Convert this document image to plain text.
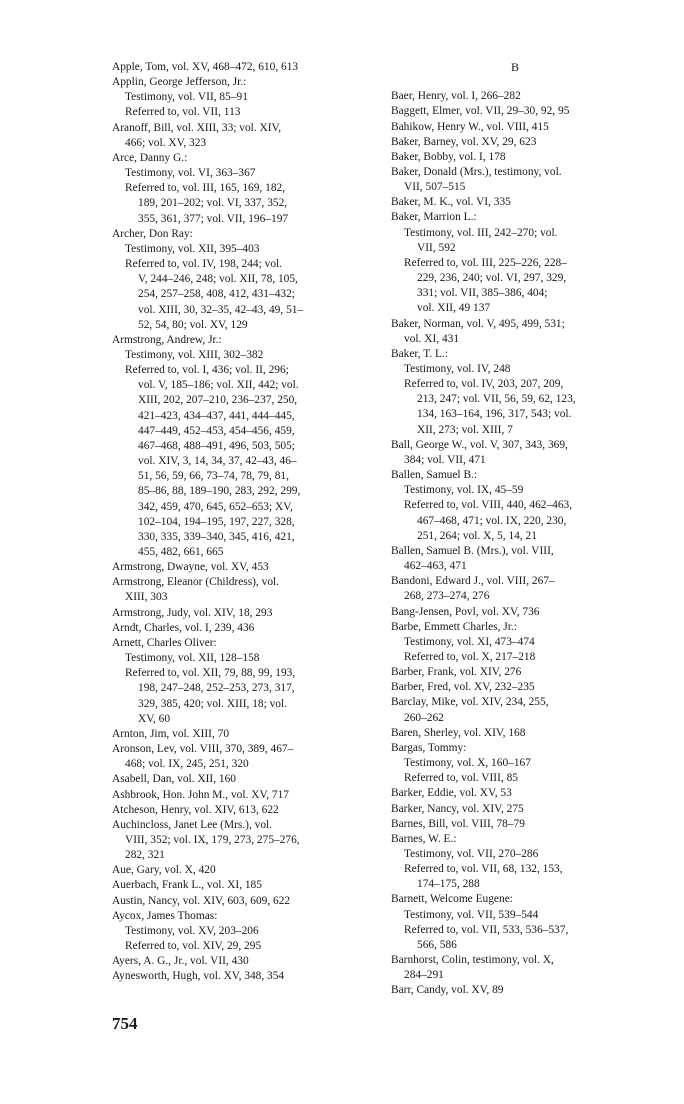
Apple, Tom, vol. XV, 468–472, 610, 613
Applin, George Jefferson, Jr.:
Testimony, vol. VII, 85–91
Referred to, vol. VII, 113
Aranoff, Bill, vol. XIII, 33; vol. XIV,
466; vol. XV, 323
Arce, Danny G.:
Testimony, vol. VI, 363–367
Referred to, vol. III, 165, 169, 182,
189, 201–202; vol. VI, 337, 352,
355, 361, 377; vol. VII, 196–197
Archer, Don Ray:
Testimony, vol. XII, 395–403
Referred to, vol. IV, 198, 244; vol.
V, 244–246, 248; vol. XII, 78, 105,
254, 257–258, 408, 412, 431–432;
vol. XIII, 30, 32–35, 42–43, 49, 51–
52, 54, 80; vol. XV, 129
Armstrong, Andrew, Jr.:
Testimony, vol. XIII, 302–382
Referred to, vol. I, 436; vol. II, 296;
vol. V, 185–186; vol. XII, 442; vol.
XIII, 202, 207–210, 236–237, 250,
421–423, 434–437, 441, 444–445,
447–449, 452–453, 454–456, 459,
467–468, 488–491, 496, 503, 505;
vol. XIV, 3, 14, 34, 37, 42–43, 46–
51, 56, 59, 66, 73–74, 78, 79, 81,
85–86, 88, 189–190, 283, 292, 299,
342, 459, 470, 645, 652–653; XV,
102–104, 194–195, 197, 227, 328,
330, 335, 339–340, 345, 416, 421,
455, 482, 661, 665
Armstrong, Dwayne, vol. XV, 453
Armstrong, Eleanor (Childress), vol.
XIII, 303
Armstrong, Judy, vol. XIV, 18, 293
Arndt, Charles, vol. I, 239, 436
Arnett, Charles Oliver:
Testimony, vol. XII, 128–158
Referred to, vol. XII, 79, 88, 99, 193,
198, 247–248, 252–253, 273, 317,
329, 385, 420; vol. XIII, 18; vol.
XV, 60
Arnton, Jim, vol. XIII, 70
Aronson, Lev, vol. VIII, 370, 389, 467–
468; vol. IX, 245, 251, 320
Asabell, Dan, vol. XII, 160
Ashbrook, Hon. John M., vol. XV, 717
Atcheson, Henry, vol. XIV, 613, 622
Auchincloss, Janet Lee (Mrs.), vol.
VIII, 352; vol. IX, 179, 273, 275–276,
282, 321
Aue, Gary, vol. X, 420
Auerbach, Frank L., vol. XI, 185
Austin, Nancy, vol. XIV, 603, 609, 622
Aycox, James Thomas:
Testimony, vol. XV, 203–206
Referred to, vol. XIV, 29, 295
Ayers, A. G., Jr., vol. VII, 430
Aynesworth, Hugh, vol. XV, 348, 354
B
Baer, Henry, vol. I, 266–282
Baggett, Elmer, vol. VII, 29–30, 92, 95
Bahikow, Henry W., vol. VIII, 415
Baker, Barney, vol. XV, 29, 623
Baker, Bobby, vol. I, 178
Baker, Donald (Mrs.), testimony, vol.
VII, 507–515
Baker, M. K., vol. VI, 335
Baker, Marrion L.:
Testimony, vol. III, 242–270; vol.
VII, 592
Referred to, vol. III, 225–226, 228–
229, 236, 240; vol. VI, 297, 329,
331; vol. VII, 385–386, 404;
vol. XII, 49 137
Baker, Norman, vol. V, 495, 499, 531;
vol. XI, 431
Baker, T. L.:
Testimony, vol. IV, 248
Referred to, vol. IV, 203, 207, 209,
213, 247; vol. VII, 56, 59, 62, 123,
134, 163–164, 196, 317, 543; vol.
XII, 273; vol. XIII, 7
Ball, George W., vol. V, 307, 343, 369,
384; vol. VII, 471
Ballen, Samuel B.:
Testimony, vol. IX, 45–59
Referred to, vol. VIII, 440, 462–463,
467–468, 471; vol. IX, 220, 230,
251, 264; vol. X, 5, 14, 21
Ballen, Samuel B. (Mrs.), vol. VIII,
462–463, 471
Bandoni, Edward J., vol. VIII, 267–
268, 273–274, 276
Bang-Jensen, Povl, vol. XV, 736
Barbe, Emmett Charles, Jr.:
Testimony, vol. XI, 473–474
Referred to, vol. X, 217–218
Barber, Frank, vol. XIV, 276
Barber, Fred, vol. XV, 232–235
Barclay, Mike, vol. XIV, 234, 255,
260–262
Baren, Sherley, vol. XIV, 168
Bargas, Tommy:
Testimony, vol. X, 160–167
Referred to, vol. VIII, 85
Barker, Eddie, vol. XV, 53
Barker, Nancy, vol. XIV, 275
Barnes, Bill, vol. VIII, 78–79
Barnes, W. E.:
Testimony, vol. VII, 270–286
Referred to, vol. VII, 68, 132, 153,
174–175, 288
Barnett, Welcome Eugene:
Testimony, vol. VII, 539–544
Referred to, vol. VII, 533, 536–537,
566, 586
Barnhorst, Colin, testimony, vol. X,
284–291
Barr, Candy, vol. XV, 89
754
